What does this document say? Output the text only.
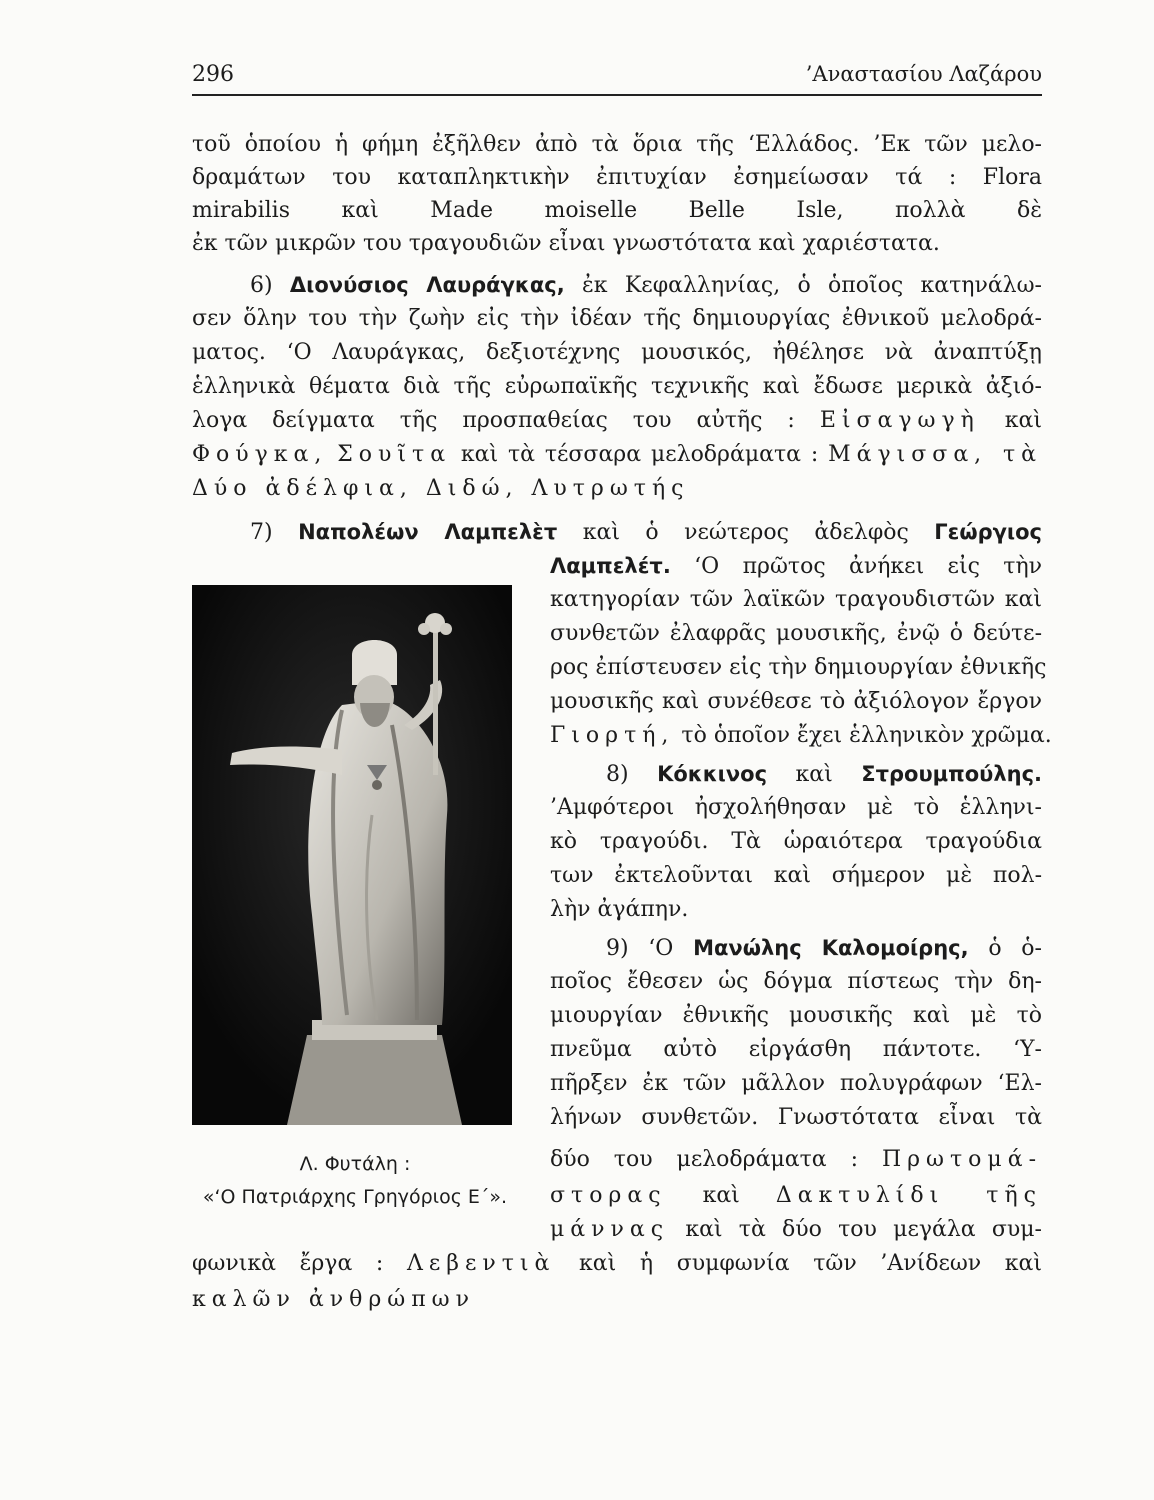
296	’Αναστασίου Λαζάρου
τοῦ ὁποίου ἡ φήμη ἐξῆλθεν ἀπὸ τὰ ὅρια τῆς ‘Ελλάδος. ’Εκ τῶν μελο-
δραμάτων του καταπληκτικὴν ἐπιτυχίαν ἐσημείωσαν τά : Flora
mirabilis καὶ Made moiselle Belle Isle, πολλὰ δὲ
ἐκ τῶν μικρῶν του τραγουδιῶν εἶναι γνωστότατα καὶ χαριέστατα.
6) Διονύσιος Λαυράγκας, ἐκ Κεφαλληνίας, ὁ ὁποῖος κατηνάλω-
σεν ὅλην του τὴν ζωὴν εἰς τὴν ἰδέαν τῆς δημιουργίας ἐθνικοῦ μελοδρά-
ματος. ‘Ο Λαυράγκας, δεξιοτέχνης μουσικός, ἠθέλησε νὰ ἀναπτύξῃ
ἑλληνικὰ θέματα διὰ τῆς εὐρωπαϊκῆς τεχνικῆς καὶ ἔδωσε μερικὰ ἀξιό-
λογα δείγματα τῆς προσπαθείας του αὐτῆς : Εἰσαγωγὴ καὶ
Φούγκα, Σουῖτα καὶ τὰ τέσσαρα μελοδράματα : Μάγισσα, τὰ
Δύο ἀδέλφια, Διδώ, Λυτρωτής
7) Ναπολέων Λαμπελὲτ καὶ ὁ νεώτερος ἀδελφὸς Γεώργιος
Λαμπελέτ. ‘Ο πρῶτος ἀνήκει εἰς τὴν
κατηγορίαν τῶν λαϊκῶν τραγουδιστῶν καὶ
συνθετῶν ἐλαφρᾶς μουσικῆς, ἐνῷ ὁ δεύτε-
ρος ἐπίστευσεν εἰς τὴν δημιουργίαν ἐθνικῆς
μουσικῆς καὶ συνέθεσε τὸ ἀξιόλογον ἔργον
Γιορτή, τὸ ὁποῖον ἔχει ἑλληνικὸν χρῶμα.
8) Κόκκινος καὶ Στρουμπούλης.
’Αμφότεροι ἠσχολήθησαν μὲ τὸ ἑλληνι-
κὸ τραγούδι. Τὰ ὡραιότερα τραγούδια
των ἐκτελοῦνται καὶ σήμερον μὲ πολ-
λὴν ἀγάπην.
9) ‘Ο Μανώλης Καλομοίρης, ὁ ὁ-
ποῖος ἔθεσεν ὡς δόγμα πίστεως τὴν δη-
μιουργίαν ἐθνικῆς μουσικῆς καὶ μὲ τὸ
πνεῦμα αὐτὸ εἰργάσθη πάντοτε. ‘Υ-
πῆρξεν ἐκ τῶν μᾶλλον πολυγράφων ‘Ελ-
λήνων συνθετῶν. Γνωστότατα εἶναι τὰ
δύο του μελοδράματα : Πρωτομά-
στορας καὶ Δακτυλίδι τῆς
μάννας καὶ τὰ δύο του μεγάλα συμ-
φωνικὰ ἔργα : Λεβεντιὰ καὶ ἡ συμφωνία τῶν ’Ανίδεων καὶ
καλῶν ἀνθρώπων
Λ. Φυτάλη :
«‘Ο Πατριάρχης Γρηγόριος Ε΄».
